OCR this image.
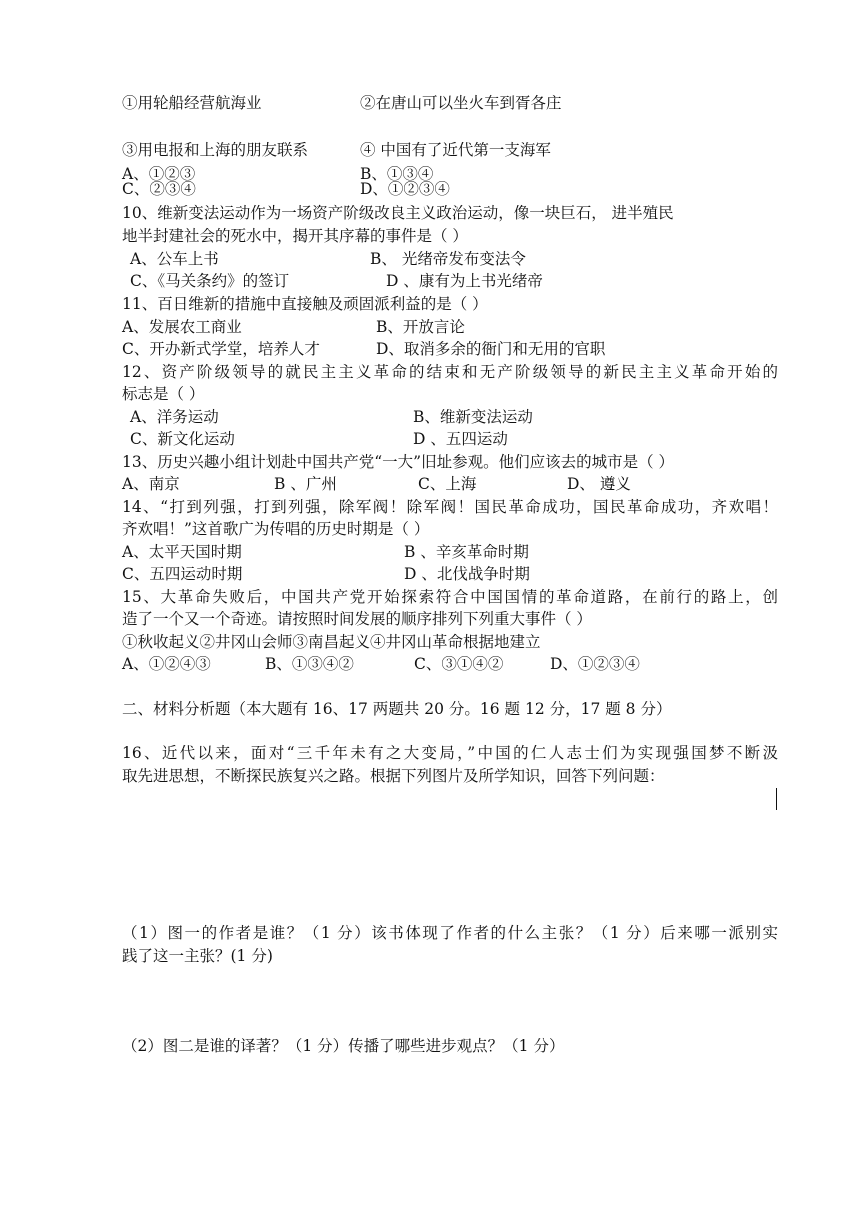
①用轮船经营航海业	②在唐山可以坐火车到胥各庄
③用电报和上海的朋友联系	④ 中国有了近代第一支海军
A、①②③	B、①③④
C、②③④	D、①②③④
10、维新变法运动作为一场资产阶级改良主义政治运动，像一块巨石， 进半殖民
地半封建社会的死水中，揭开其序幕的事件是（ ）
A、公车上书	B、 光绪帝发布变法令
C、《马关条约》的签订	D 、康有为上书光绪帝
11、百日维新的措施中直接触及顽固派利益的是（ ）
A、发展农工商业	B、开放言论
C、开办新式学堂，培养人才	D、取消多余的衙门和无用的官职
12、资产阶级领导的就民主主义革命的结束和无产阶级领导的新民主主义革命开始的
标志是（ ）
A、洋务运动	B、维新变法运动
C、新文化运动	D 、五四运动
13、历史兴趣小组计划赴中国共产党“一大”旧址参观。他们应该去的城市是（ ）
A、南京	B 、广州	C、上海	D、 遵义
14、“打到列强，打到列强，除军阀！除军阀！国民革命成功，国民革命成功，齐欢唱！
齐欢唱！”这首歌广为传唱的历史时期是（ ）
A、太平天国时期	B 、辛亥革命时期
C、五四运动时期	D 、北伐战争时期
15、大革命失败后，中国共产党开始探索符合中国国情的革命道路，在前行的路上，创
造了一个又一个奇迹。请按照时间发展的顺序排列下列重大事件（ ）
①秋收起义②井冈山会师③南昌起义④井冈山革命根据地建立
A、①②④③	B、①③④②	C、③①④②	D、①②③④
二、材料分析题（本大题有 16、17 两题共 20 分。16 题 12 分，17 题 8 分）
16、近代以来，面对“三千年未有之大变局，”中国的仁人志士们为实现强国梦不断汲
取先进思想，不断探民族复兴之路。根据下列图片及所学知识，回答下列问题：
（1）图一的作者是谁？（1 分）该书体现了作者的什么主张？（1 分）后来哪一派别实
践了这一主张？(1 分)
（2）图二是谁的译著？（1 分）传播了哪些进步观点？（1 分）
